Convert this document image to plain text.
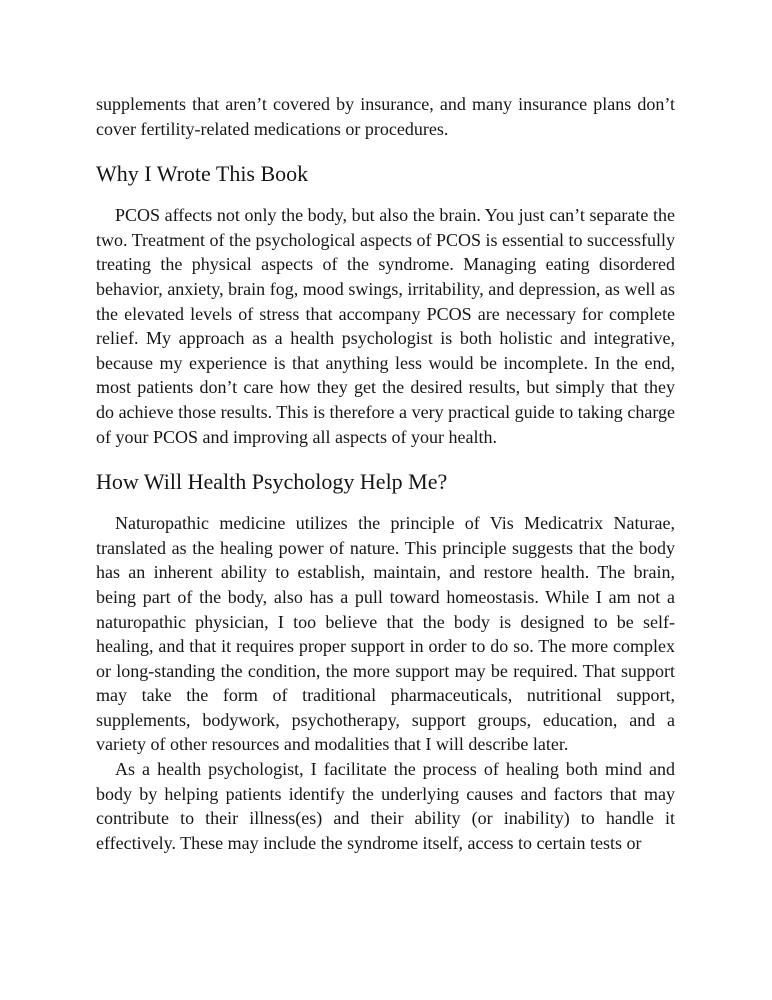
supplements that aren’t covered by insurance, and many insurance plans don’t cover fertility-related medications or procedures.

Why I Wrote This Book

PCOS affects not only the body, but also the brain. You just can’t separate the two. Treatment of the psychological aspects of PCOS is essential to successfully treating the physical aspects of the syndrome. Managing eating disordered behavior, anxiety, brain fog, mood swings, irritability, and depression, as well as the elevated levels of stress that accompany PCOS are necessary for complete relief. My approach as a health psychologist is both holistic and integrative, because my experience is that anything less would be incomplete. In the end, most patients don’t care how they get the desired results, but simply that they do achieve those results. This is therefore a very practical guide to taking charge of your PCOS and improving all aspects of your health.

How Will Health Psychology Help Me?

Naturopathic medicine utilizes the principle of Vis Medicatrix Naturae, translated as the healing power of nature. This principle suggests that the body has an inherent ability to establish, maintain, and restore health. The brain, being part of the body, also has a pull toward homeostasis. While I am not a naturopathic physician, I too believe that the body is designed to be self-healing, and that it requires proper support in order to do so. The more complex or long-standing the condition, the more support may be required. That support may take the form of traditional pharmaceuticals, nutritional support, supplements, bodywork, psychotherapy, support groups, education, and a variety of other resources and modalities that I will describe later.

As a health psychologist, I facilitate the process of healing both mind and body by helping patients identify the underlying causes and factors that may contribute to their illness(es) and their ability (or inability) to handle it effectively. These may include the syndrome itself, access to certain tests or
